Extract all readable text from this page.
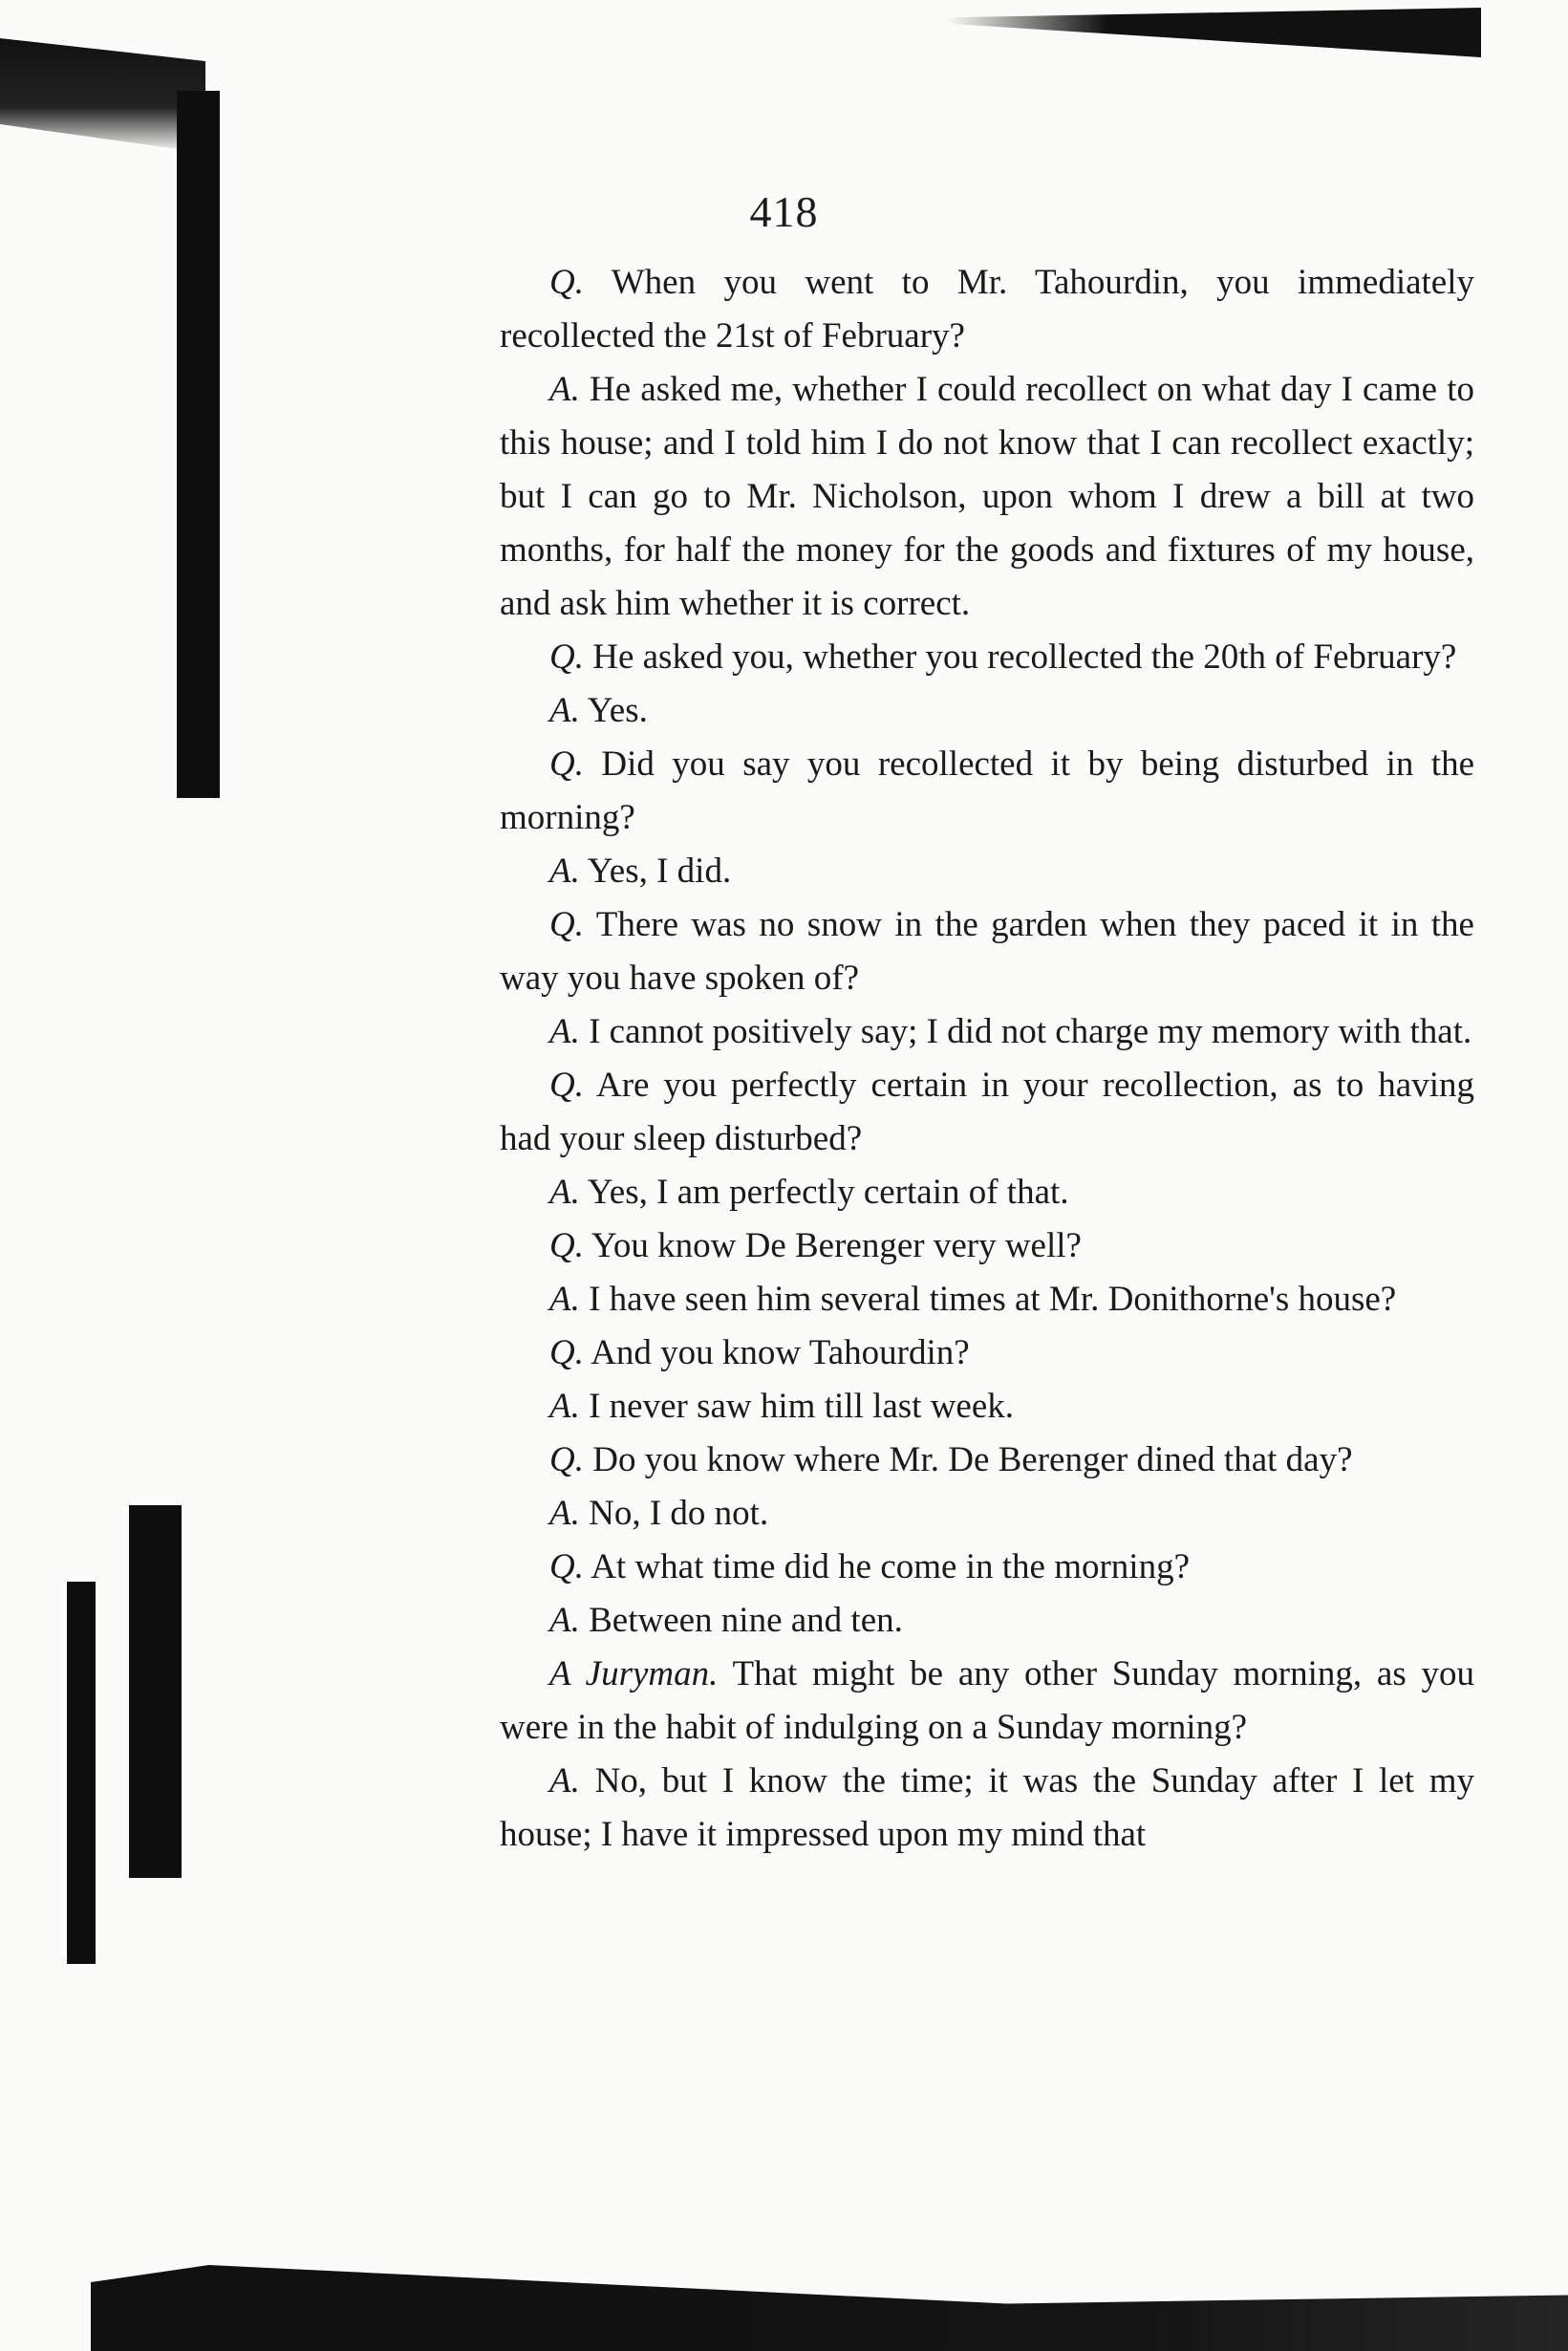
418

Q. When you went to Mr. Tahourdin, you immediately recollected the 21st of February?

A. He asked me, whether I could recollect on what day I came to this house; and I told him I do not know that I can recollect exactly; but I can go to Mr. Nicholson, upon whom I drew a bill at two months, for half the money for the goods and fixtures of my house, and ask him whether it is correct.

Q. He asked you, whether you recollected the 20th of February?

A. Yes.

Q. Did you say you recollected it by being disturbed in the morning?

A. Yes, I did.

Q. There was no snow in the garden when they paced it in the way you have spoken of?

A. I cannot positively say; I did not charge my memory with that.

Q. Are you perfectly certain in your recollection, as to having had your sleep disturbed?

A. Yes, I am perfectly certain of that.

Q. You know De Berenger very well?

A. I have seen him several times at Mr. Donithorne's house?

Q. And you know Tahourdin?

A. I never saw him till last week.

Q. Do you know where Mr. De Berenger dined that day?

A. No, I do not.

Q. At what time did he come in the morning?

A. Between nine and ten.

A Juryman. That might be any other Sunday morning, as you were in the habit of indulging on a Sunday morning?

A. No, but I know the time; it was the Sunday after I let my house; I have it impressed upon my mind that
